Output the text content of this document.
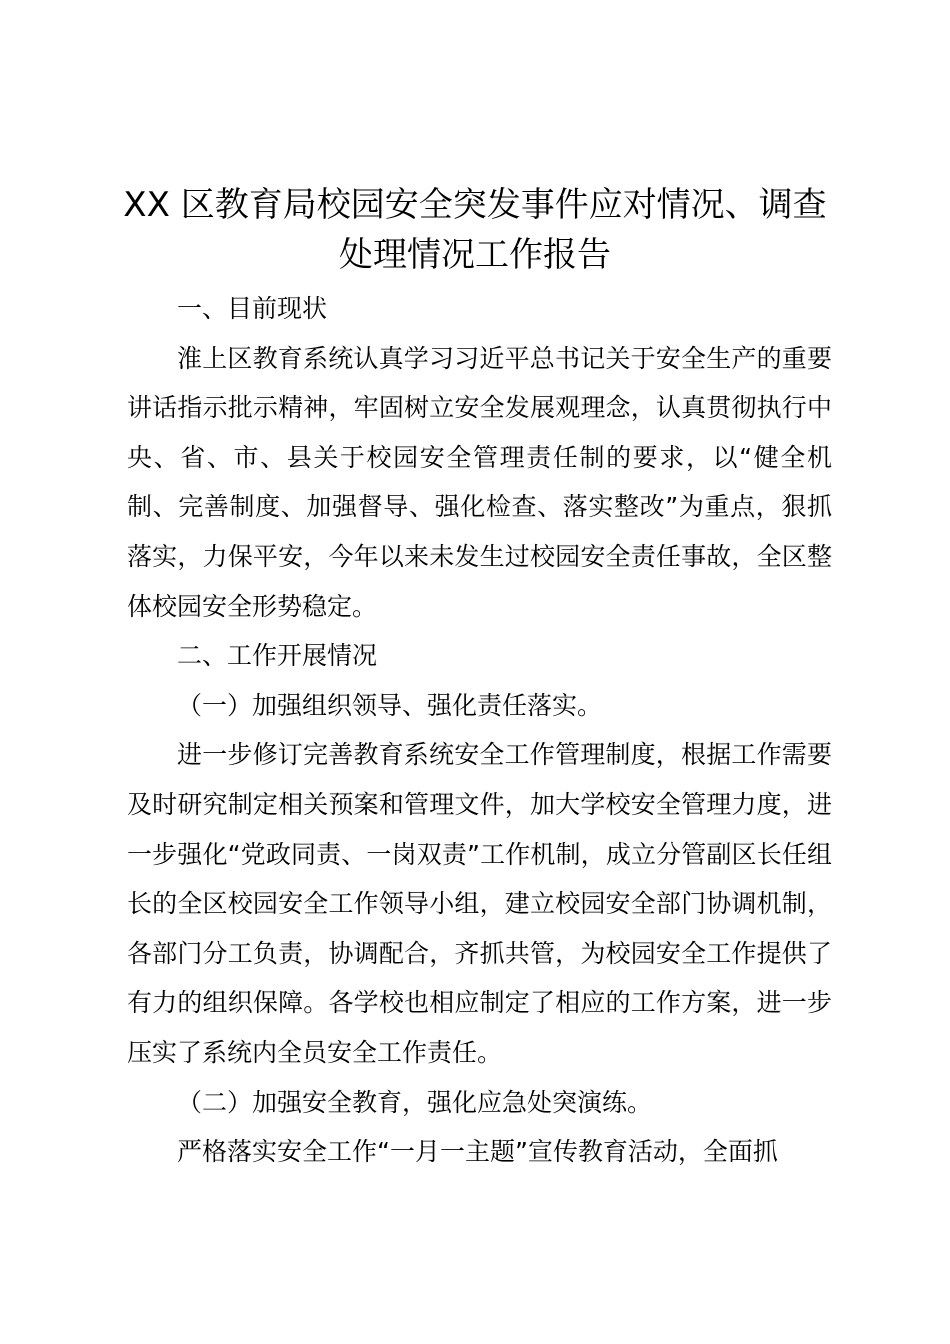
XX 区教育局校园安全突发事件应对情况、调查处理情况工作报告

一、目前现状

淮上区教育系统认真学习习近平总书记关于安全生产的重要讲话指示批示精神，牢固树立安全发展观理念，认真贯彻执行中央、省、市、县关于校园安全管理责任制的要求，以“健全机制、完善制度、加强督导、强化检查、落实整改”为重点，狠抓落实，力保平安，今年以来未发生过校园安全责任事故，全区整体校园安全形势稳定。

二、工作开展情况

（一）加强组织领导、强化责任落实。

进一步修订完善教育系统安全工作管理制度，根据工作需要及时研究制定相关预案和管理文件，加大学校安全管理力度，进一步强化“党政同责、一岗双责”工作机制，成立分管副区长任组长的全区校园安全工作领导小组，建立校园安全部门协调机制，各部门分工负责，协调配合，齐抓共管，为校园安全工作提供了有力的组织保障。各学校也相应制定了相应的工作方案，进一步压实了系统内全员安全工作责任。

（二）加强安全教育，强化应急处突演练。

严格落实安全工作“一月一主题”宣传教育活动，全面抓
